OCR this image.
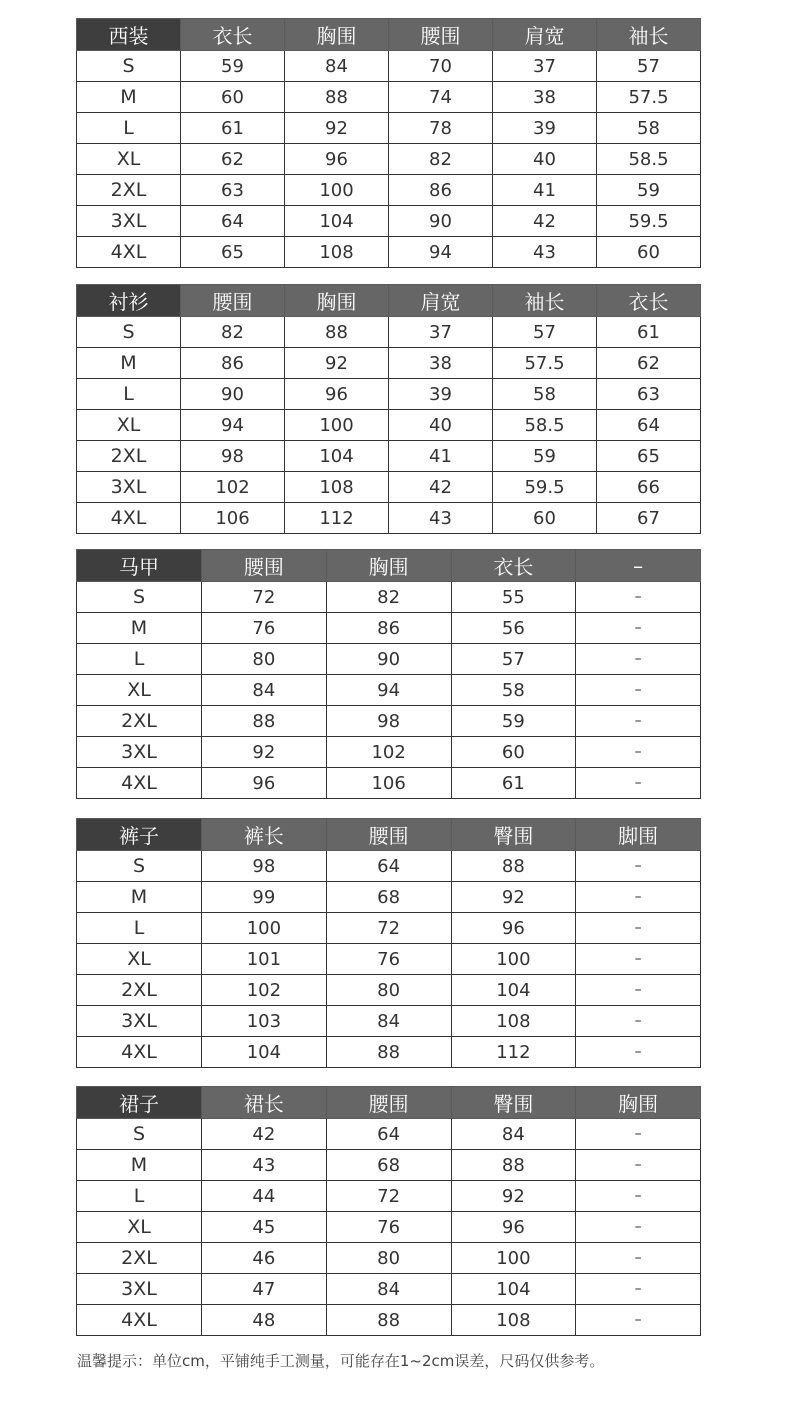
西装	衣长	胸围	腰围	肩宽	袖长
S	59	84	70	37	57
M	60	88	74	38	57.5
L	61	92	78	39	58
XL	62	96	82	40	58.5
2XL	63	100	86	41	59
3XL	64	104	90	42	59.5
4XL	65	108	94	43	60
衬衫	腰围	胸围	肩宽	袖长	衣长
S	82	88	37	57	61
M	86	92	38	57.5	62
L	90	96	39	58	63
XL	94	100	40	58.5	64
2XL	98	104	41	59	65
3XL	102	108	42	59.5	66
4XL	106	112	43	60	67
马甲	腰围	胸围	衣长	–
S	72	82	55	–
M	76	86	56	–
L	80	90	57	–
XL	84	94	58	–
2XL	88	98	59	–
3XL	92	102	60	–
4XL	96	106	61	–
裤子	裤长	腰围	臀围	脚围
S	98	64	88	–
M	99	68	92	–
L	100	72	96	–
XL	101	76	100	–
2XL	102	80	104	–
3XL	103	84	108	–
4XL	104	88	112	–
裙子	裙长	腰围	臀围	胸围
S	42	64	84	–
M	43	68	88	–
L	44	72	92	–
XL	45	76	96	–
2XL	46	80	100	–
3XL	47	84	104	–
4XL	48	88	108	–
温馨提示：单位cm，平铺纯手工测量，可能存在1~2cm误差，尺码仅供参考。
